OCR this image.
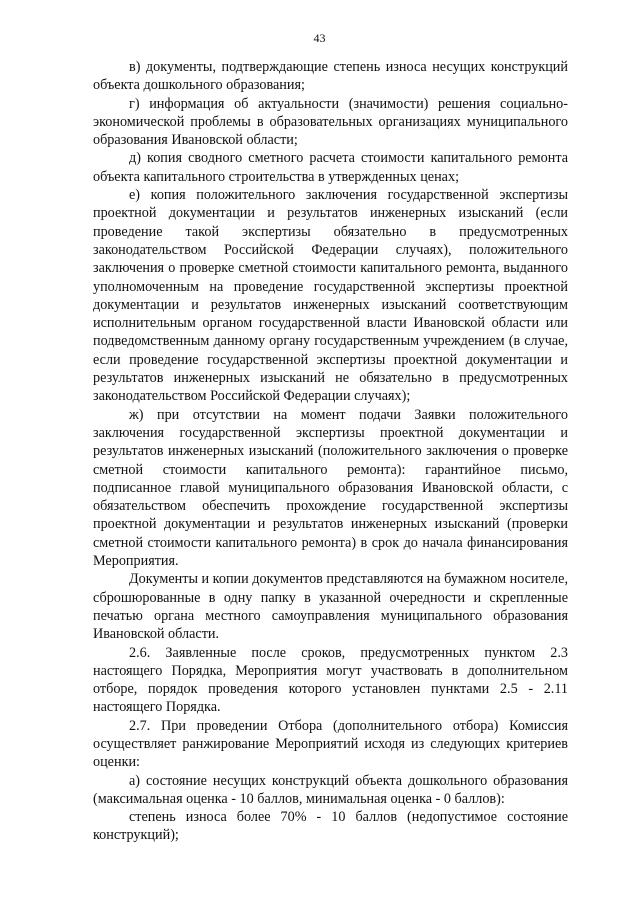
43

в) документы, подтверждающие степень износа несущих конструкций объекта дошкольного образования;

г) информация об актуальности (значимости) решения социально-экономической проблемы в образовательных организациях муниципального образования Ивановской области;

д) копия сводного сметного расчета стоимости капитального ремонта объекта капитального строительства в утвержденных ценах;

е) копия положительного заключения государственной экспертизы проектной документации и результатов инженерных изысканий (если проведение такой экспертизы обязательно в предусмотренных законодательством Российской Федерации случаях), положительного заключения о проверке сметной стоимости капитального ремонта, выданного уполномоченным на проведение государственной экспертизы проектной документации и результатов инженерных изысканий соответствующим исполнительным органом государственной власти Ивановской области или подведомственным данному органу государственным учреждением (в случае, если проведение государственной экспертизы проектной документации и результатов инженерных изысканий не обязательно в предусмотренных законодательством Российской Федерации случаях);

ж) при отсутствии на момент подачи Заявки положительного заключения государственной экспертизы проектной документации и результатов инженерных изысканий (положительного заключения о проверке сметной стоимости капитального ремонта): гарантийное письмо, подписанное главой муниципального образования Ивановской области, с обязательством обеспечить прохождение государственной экспертизы проектной документации и результатов инженерных изысканий (проверки сметной стоимости капитального ремонта) в срок до начала финансирования Мероприятия.

Документы и копии документов представляются на бумажном носителе, сброшюрованные в одну папку в указанной очередности и скрепленные печатью органа местного самоуправления муниципального образования Ивановской области.

2.6. Заявленные после сроков, предусмотренных пунктом 2.3 настоящего Порядка, Мероприятия могут участвовать в дополнительном отборе, порядок проведения которого установлен пунктами 2.5 - 2.11 настоящего Порядка.

2.7. При проведении Отбора (дополнительного отбора) Комиссия осуществляет ранжирование Мероприятий исходя из следующих критериев оценки:

а) состояние несущих конструкций объекта дошкольного образования (максимальная оценка - 10 баллов, минимальная оценка - 0 баллов):

степень износа более 70% - 10 баллов (недопустимое состояние конструкций);
